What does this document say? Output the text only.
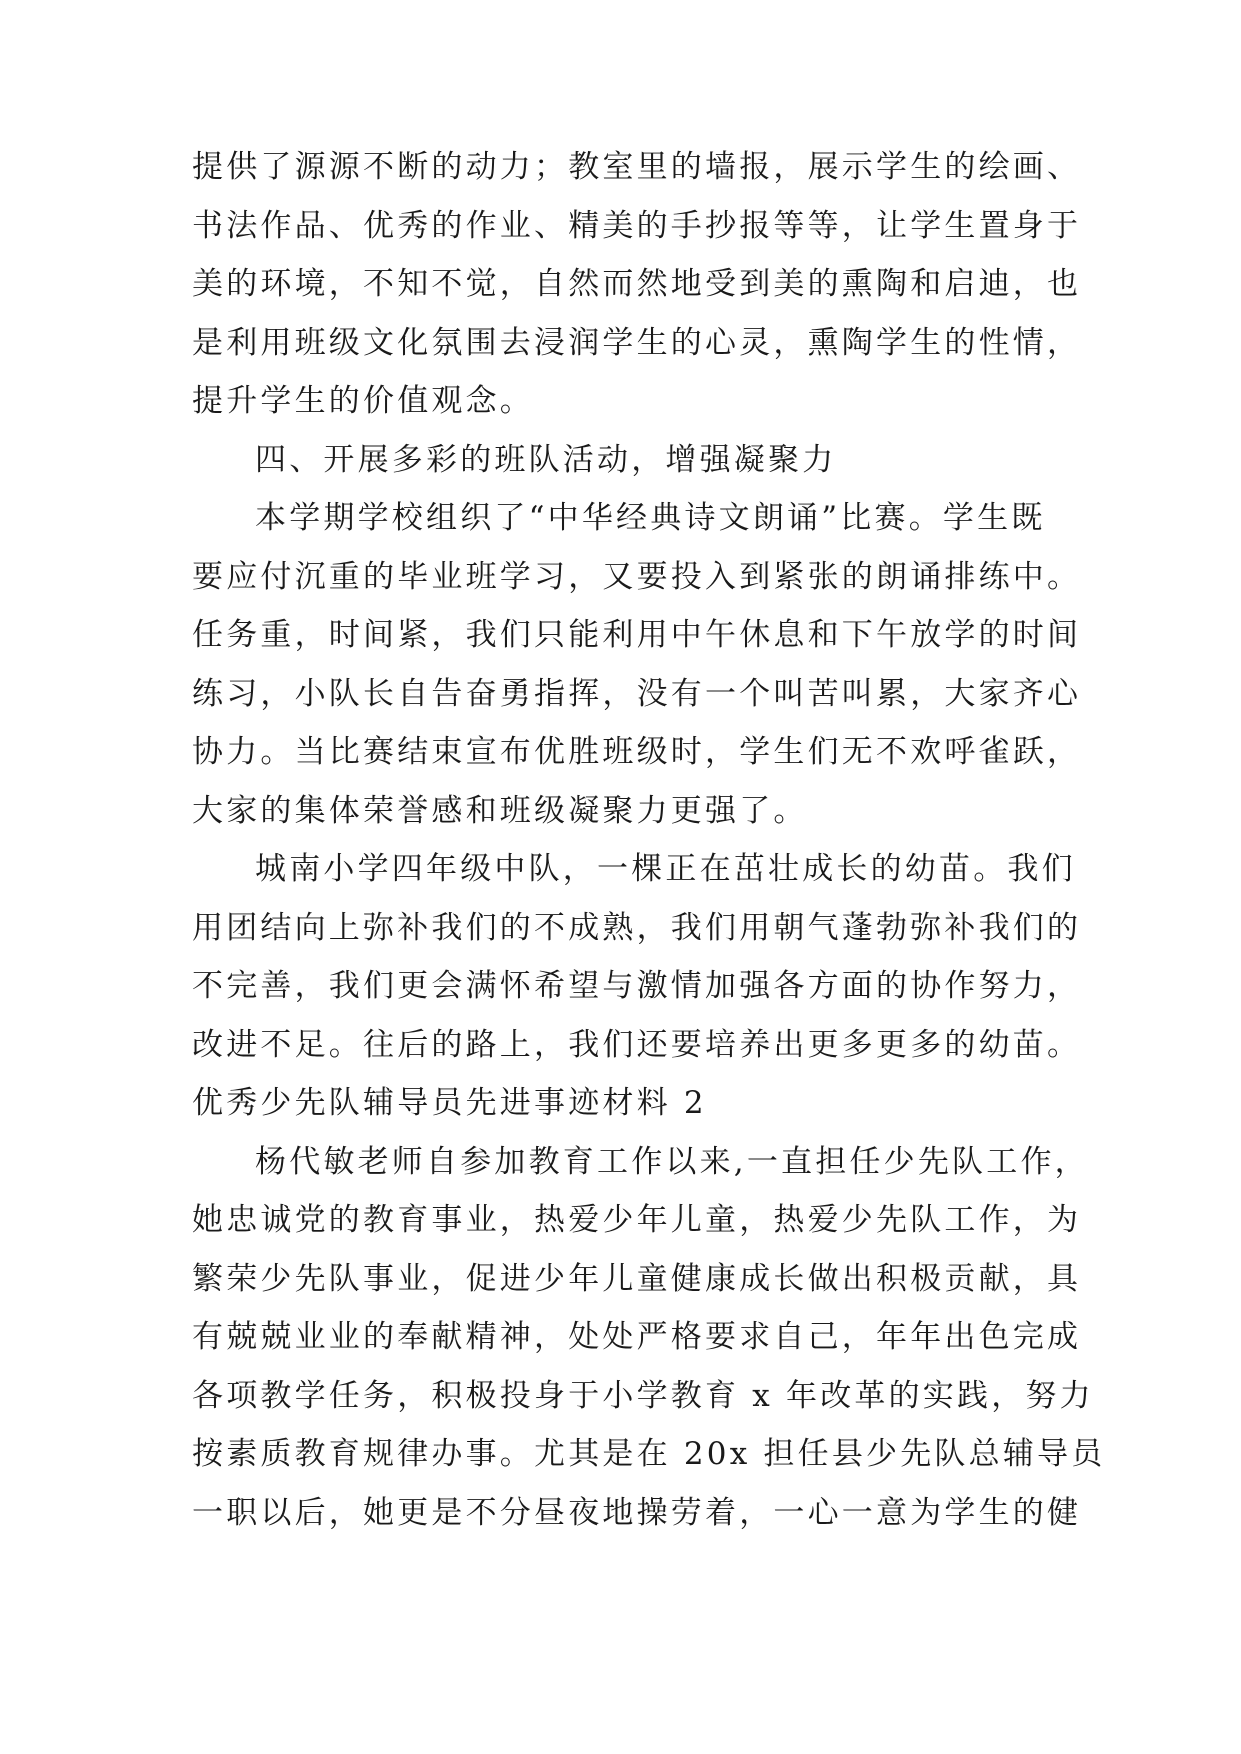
提供了源源不断的动力；教室里的墙报，展示学生的绘画、
书法作品、优秀的作业、精美的手抄报等等，让学生置身于
美的环境，不知不觉，自然而然地受到美的熏陶和启迪，也
是利用班级文化氛围去浸润学生的心灵，熏陶学生的性情，
提升学生的价值观念。
四、开展多彩的班队活动，增强凝聚力
本学期学校组织了“中华经典诗文朗诵”比赛。学生既
要应付沉重的毕业班学习，又要投入到紧张的朗诵排练中。
任务重，时间紧，我们只能利用中午休息和下午放学的时间
练习，小队长自告奋勇指挥，没有一个叫苦叫累，大家齐心
协力。当比赛结束宣布优胜班级时，学生们无不欢呼雀跃，
大家的集体荣誉感和班级凝聚力更强了。
城南小学四年级中队，一棵正在茁壮成长的幼苗。我们
用团结向上弥补我们的不成熟，我们用朝气蓬勃弥补我们的
不完善，我们更会满怀希望与激情加强各方面的协作努力，
改进不足。往后的路上，我们还要培养出更多更多的幼苗。
优秀少先队辅导员先进事迹材料 2
杨代敏老师自参加教育工作以来,一直担任少先队工作，
她忠诚党的教育事业，热爱少年儿童，热爱少先队工作，为
繁荣少先队事业，促进少年儿童健康成长做出积极贡献，具
有兢兢业业的奉献精神，处处严格要求自己，年年出色完成
各项教学任务，积极投身于小学教育 x 年改革的实践，努力
按素质教育规律办事。尤其是在 20x 担任县少先队总辅导员
一职以后，她更是不分昼夜地操劳着，一心一意为学生的健
